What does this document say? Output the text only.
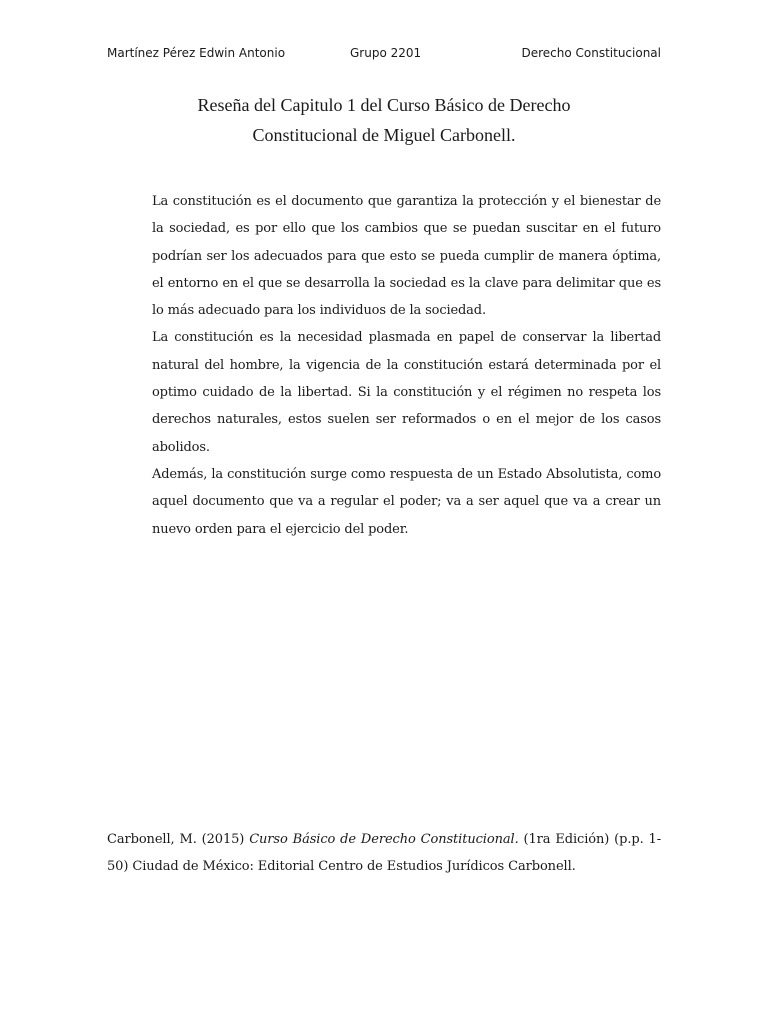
Martínez Pérez Edwin Antonio	Grupo 2201	Derecho Constitucional
Reseña del Capitulo 1 del Curso Básico de Derecho
Constitucional de Miguel Carbonell.

La constitución es el documento que garantiza la protección y el bienestar de la sociedad, es por ello que los cambios que se puedan suscitar en el futuro podrían ser los adecuados para que esto se pueda cumplir de manera óptima, el entorno en el que se desarrolla la sociedad es la clave para delimitar que es lo más adecuado para los individuos de la sociedad.

La constitución es la necesidad plasmada en papel de conservar la libertad natural del hombre, la vigencia de la constitución estará determinada por el optimo cuidado de la libertad. Si la constitución y el régimen no respeta los derechos naturales, estos suelen ser reformados o en el mejor de los casos abolidos.

Además, la constitución surge como respuesta de un Estado Absolutista, como aquel documento que va a regular el poder; va a ser aquel que va a crear un nuevo orden para el ejercicio del poder.

Carbonell, M. (2015) Curso Básico de Derecho Constitucional. (1ra Edición) (p.p. 1-50) Ciudad de México: Editorial Centro de Estudios Jurídicos Carbonell.
